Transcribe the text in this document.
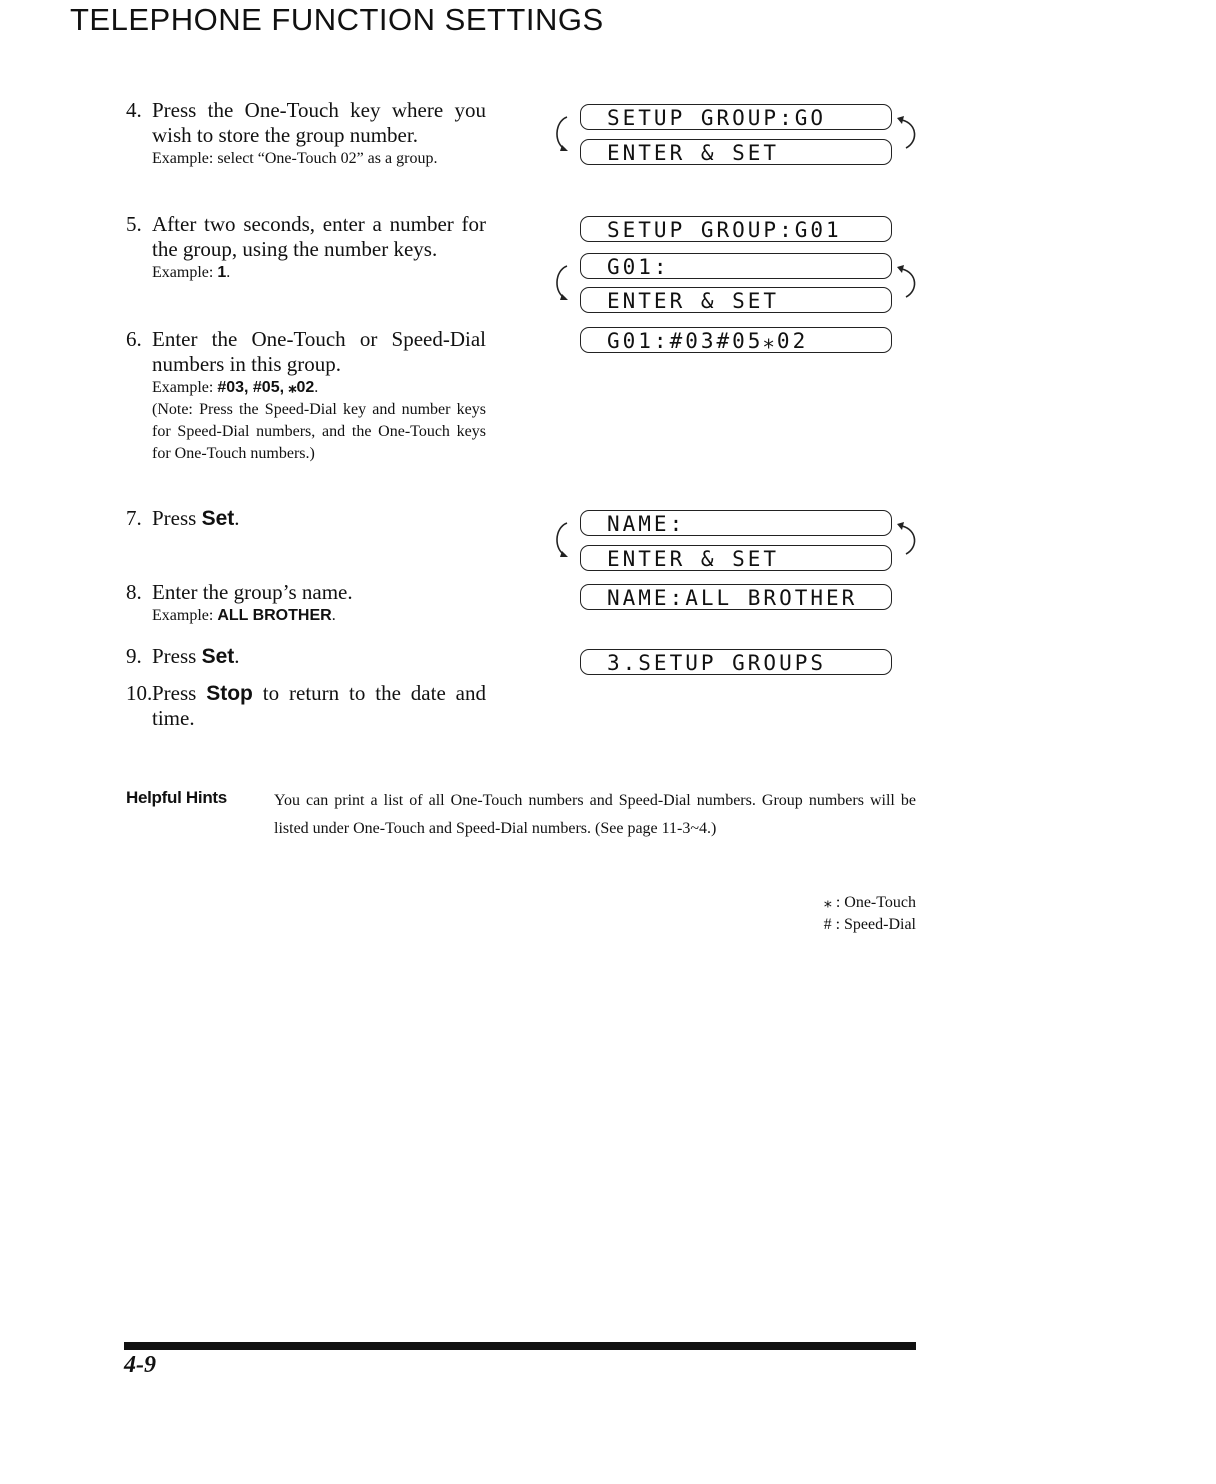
TELEPHONE FUNCTION SETTINGS
4. Press the One-Touch key where you wish to store the group number.
Example: select “One-Touch 02” as a group.
5. After two seconds, enter a number for the group, using the number keys.
Example: 1.
6. Enter the One-Touch or Speed-Dial numbers in this group.
Example: #03, #05, ⁎02.
(Note: Press the Speed-Dial key and number keys for Speed-Dial numbers, and the One-Touch keys for One-Touch numbers.)
7. Press Set.
8. Enter the group’s name.
Example: ALL BROTHER.
9. Press Set.
10. Press Stop to return to the date and time.
SETUP GROUP:GO
ENTER & SET
SETUP GROUP:G01
G01:
ENTER & SET
G01:#03#05⁎02_
NAME:
ENTER & SET
NAME:ALL BROTHER
3.SETUP GROUPS
Helpful Hints	You can print a list of all One-Touch numbers and Speed-Dial numbers. Group numbers will be listed under One-Touch and Speed-Dial numbers. (See page 11-3~4.)
⁎ : One-Touch
# : Speed-Dial
4-9
